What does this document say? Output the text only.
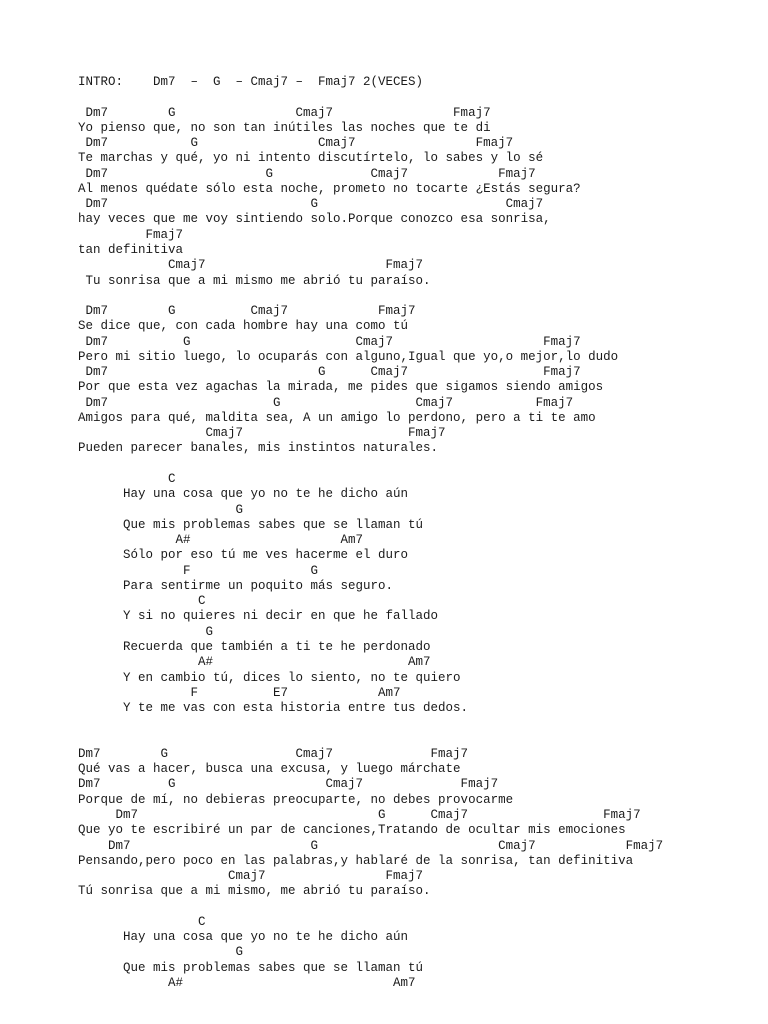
INTRO:    Dm7  –  G  – Cmaj7 –  Fmaj7 2(VECES)
Dm7        G                Cmaj7                Fmaj7
Yo pienso que, no son tan inútiles las noches que te di
Dm7           G                Cmaj7                Fmaj7
Te marchas y qué, yo ni intento discutírtelo, lo sabes y lo sé
Dm7                     G             Cmaj7            Fmaj7
Al menos quédate sólo esta noche, prometo no tocarte ¿Estás segura?
Dm7                           G                         Cmaj7
hay veces que me voy sintiendo solo.Porque conozco esa sonrisa,
Fmaj7
tan definitiva
Cmaj7                        Fmaj7
Tu sonrisa que a mi mismo me abrió tu paraíso.
Dm7        G          Cmaj7            Fmaj7
Se dice que, con cada hombre hay una como tú
Dm7          G                      Cmaj7                    Fmaj7
Pero mi sitio luego, lo ocuparás con alguno,Igual que yo,o mejor,lo dudo
Dm7                            G      Cmaj7                  Fmaj7
Por que esta vez agachas la mirada, me pides que sigamos siendo amigos
Dm7                      G                  Cmaj7           Fmaj7
Amigos para qué, maldita sea, A un amigo lo perdono, pero a ti te amo
Cmaj7                      Fmaj7
Pueden parecer banales, mis instintos naturales.
C
Hay una cosa que yo no te he dicho aún
G
Que mis problemas sabes que se llaman tú
A#                    Am7
Sólo por eso tú me ves hacerme el duro
F                G
Para sentirme un poquito más seguro.
C
Y si no quieres ni decir en que he fallado
G
Recuerda que también a ti te he perdonado
A#                          Am7
Y en cambio tú, dices lo siento, no te quiero
F          E7            Am7
Y te me vas con esta historia entre tus dedos.
Dm7        G                 Cmaj7             Fmaj7
Qué vas a hacer, busca una excusa, y luego márchate
Dm7         G                    Cmaj7             Fmaj7
Porque de mí, no debieras preocuparte, no debes provocarme
Dm7                                G      Cmaj7                  Fmaj7
Que yo te escribiré un par de canciones,Tratando de ocultar mis emociones
Dm7                        G                        Cmaj7            Fmaj7
Pensando,pero poco en las palabras,y hablaré de la sonrisa, tan definitiva
Cmaj7                Fmaj7
Tú sonrisa que a mi mismo, me abrió tu paraíso.
C
Hay una cosa que yo no te he dicho aún
G
Que mis problemas sabes que se llaman tú
A#                            Am7
